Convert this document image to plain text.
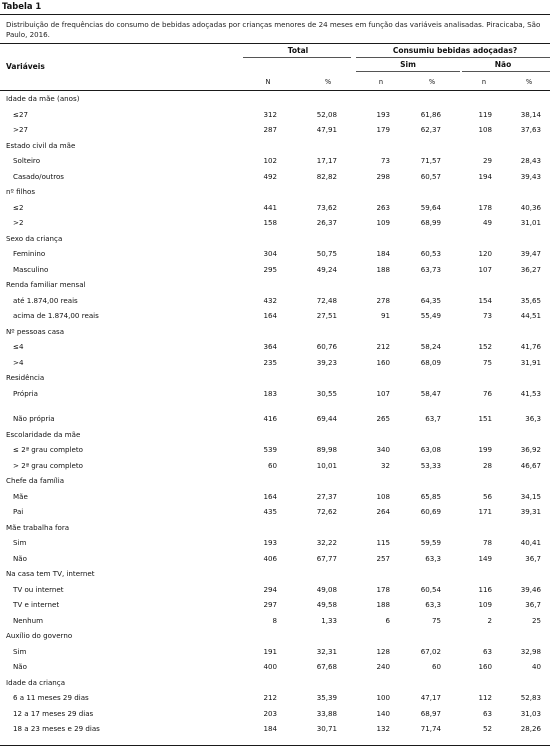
Tabela 1
Distribuição de frequências do consumo de bebidas adoçadas por crianças menores de 24 meses em função das variáveis analisadas. Piracicaba, São Paulo, 2016.
Variáveis
Total	Consumiu bebidas adoçadas?
Sim	Não
N	%	n	%	n	%
Idade da mãe (anos)
≤27	312	52,08	193	61,86	119	38,14
>27	287	47,91	179	62,37	108	37,63
Estado civil da mãe
Solteiro	102	17,17	73	71,57	29	28,43
Casado/outros	492	82,82	298	60,57	194	39,43
nº filhos
≤2	441	73,62	263	59,64	178	40,36
>2	158	26,37	109	68,99	49	31,01
Sexo da criança
Feminino	304	50,75	184	60,53	120	39,47
Masculino	295	49,24	188	63,73	107	36,27
Renda familiar mensal
até 1.874,00 reais	432	72,48	278	64,35	154	35,65
acima de 1.874,00 reais	164	27,51	91	55,49	73	44,51
Nº pessoas casa
≤4	364	60,76	212	58,24	152	41,76
>4	235	39,23	160	68,09	75	31,91
Residência
Própria	183	30,55	107	58,47	76	41,53
Não própria	416	69,44	265	63,7	151	36,3
Escolaridade da mãe
≤ 2ª grau completo	539	89,98	340	63,08	199	36,92
> 2ª grau completo	60	10,01	32	53,33	28	46,67
Chefe da família
Mãe	164	27,37	108	65,85	56	34,15
Pai	435	72,62	264	60,69	171	39,31
Mãe trabalha fora
Sim	193	32,22	115	59,59	78	40,41
Não	406	67,77	257	63,3	149	36,7
Na casa tem TV, internet
TV ou internet	294	49,08	178	60,54	116	39,46
TV e internet	297	49,58	188	63,3	109	36,7
Nenhum	8	1,33	6	75	2	25
Auxílio do governo
Sim	191	32,31	128	67,02	63	32,98
Não	400	67,68	240	60	160	40
Idade da criança
6 a 11 meses 29 dias	212	35,39	100	47,17	112	52,83
12 a 17 meses 29 dias	203	33,88	140	68,97	63	31,03
18 a 23 meses e 29 dias	184	30,71	132	71,74	52	28,26
